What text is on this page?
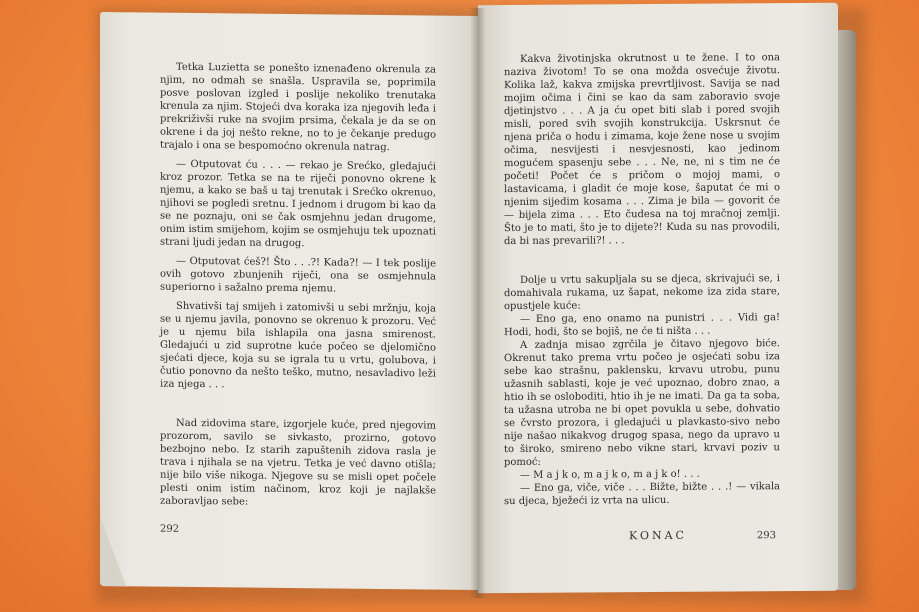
Tetka Luzietta se ponešto iznenađeno okrenula za njim, no odmah se snašla. Uspravila se, poprimila posve poslovan izgled i poslije nekoliko trenutaka krenula za njim. Stojeći dva koraka iza njegovih leđa i prekriživši ruke na svojim prsima, čekala je da se on okrene i da joj nešto rekne, no to je čekanje predugo trajalo i ona se bespomoćno okrenula natrag.

— Otputovat ću . . . — rekao je Srećko, gledajući kroz prozor. Tetka se na te riječi ponovno okrene k njemu, a kako se baš u taj trenutak i Srećko okrenuo, njihovi se pogledi sretnu. I jednom i drugom bi kao da se ne poznaju, oni se čak osmjehnu jedan drugome, onim istim smijehom, kojim se osmjehuju tek upoznati strani ljudi jedan na drugog.

— Otputovat ćeš?! Što . . .?! Kada?! — I tek poslije ovih gotovo zbunjenih riječi, ona se osmjehnula superiorno i sažalno prema njemu.

Shvativši taj smijeh i zatomivši u sebi mržnju, koja se u njemu javila, ponovno se okrenuo k prozoru. Već je u njemu bila ishlapila ona jasna smirenost. Gledajući u zid suprotne kuće počeo se djelomično sjećati djece, koja su se igrala tu u vrtu, golubova, i čutio ponovno da nešto teško, mutno, nesavladivo leži iza njega . . .

Nad zidovima stare, izgorjele kuće, pred njegovim prozorom, savilo se sivkasto, prozirno, gotovo bezbojno nebo. Iz starih zapuštenih zidova rasla je trava i njihala se na vjetru. Tetka je već davno otišla; nije bilo više nikoga. Njegove su se misli opet počele plesti onim istim načinom, kroz koji je najlakše zaboravljao sebe:

292

Kakva životinjska okrutnost u te žene. I to ona naziva životom! To se ona možda osvećuje životu. Kolika laž, kakva zmijska prevrtljivost. Savija se nad mojim očima i čini se kao da sam zaboravio svoje djetinjstvo . . . A ja ću opet biti slab i pored svojih misli, pored svih svojih konstrukcija. Uskrsnut će njena priča o hodu i zimama, koje žene nose u svojim očima, nesvijesti i nesvjesnosti, kao jedinom mogućem spasenju sebe . . . Ne, ne, ni s tim ne će početi! Počet će s pričom o mojoj mami, o lastavicama, i gladit će moje kose, šaputat će mi o njenim sijedim kosama . . . Zima je bila — govorit će — bijela zima . . . Eto čudesa na toj mračnoj zemlji. Što je to mati, što je to dijete?! Kuda su nas provodili, da bi nas prevarili?! . . .

Dolje u vrtu sakupljala su se djeca, skrivajući se, i domahivala rukama, uz šapat, nekome iza zida stare, opustjele kuće:

— Eno ga, eno onamo na punistri . . . Vidi ga! Hodi, hodi, što se bojiš, ne će ti ništa . . .

A zadnja misao zgrčila je čitavo njegovo biće. Okrenut tako prema vrtu počeo je osjećati sobu iza sebe kao strašnu, paklensku, krvavu utrobu, punu užasnih sablasti, koje je već upoznao, dobro znao, a htio ih se osloboditi, htio ih je ne imati. Da ga ta soba, ta užasna utroba ne bi opet povukla u sebe, dohvatio se čvrsto prozora, i gledajući u plavkasto-sivo nebo nije našao nikakvog drugog spasa, nego da upravo u to široko, smireno nebo vikne stari, krvavi poziv u pomoć:

— M a j k o, m a j k o, m a j k o! . . .

— Eno ga, viče, viče . . . Bižte, bižte . . .! — vikala su djeca, bježeći iz vrta na ulicu.

KONAC	293
